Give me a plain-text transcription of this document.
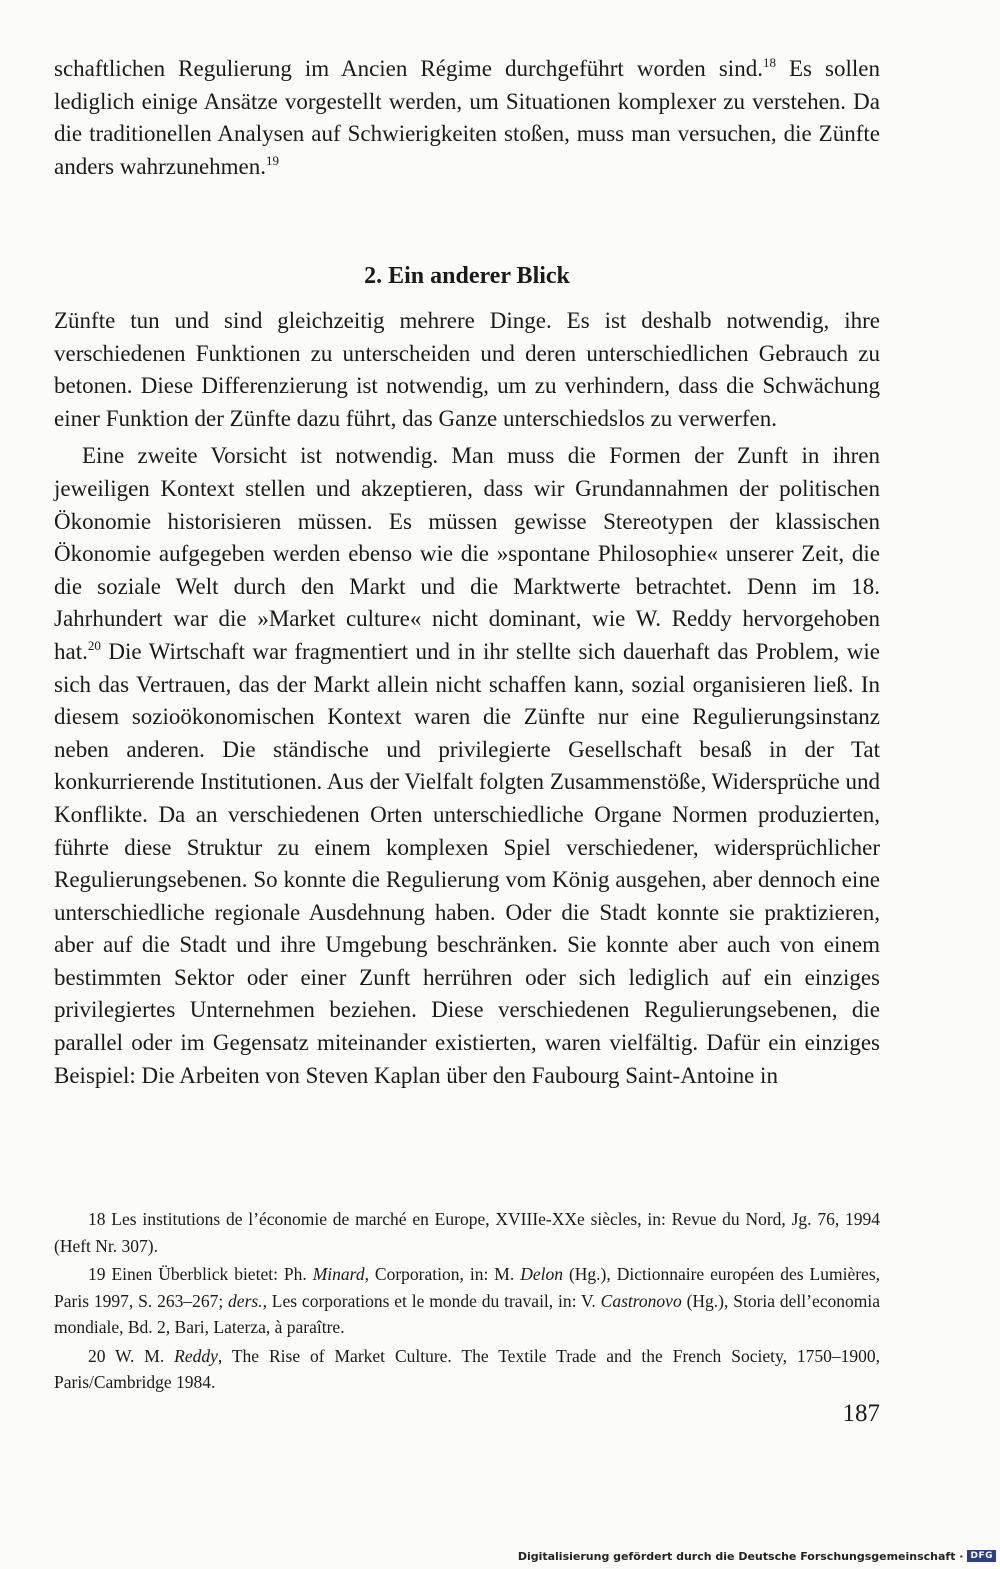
schaftlichen Regulierung im Ancien Régime durchgeführt worden sind.$^{18}$ Es sollen lediglich einige Ansätze vorgestellt werden, um Situationen komplexer zu verstehen. Da die traditionellen Analysen auf Schwierigkeiten stoßen, muss man versuchen, die Zünfte anders wahrzunehmen.$^{19}$

2. Ein anderer Blick

Zünfte tun und sind gleichzeitig mehrere Dinge. Es ist deshalb notwendig, ihre verschiedenen Funktionen zu unterscheiden und deren unterschiedlichen Gebrauch zu betonen. Diese Differenzierung ist notwendig, um zu verhindern, dass die Schwächung einer Funktion der Zünfte dazu führt, das Ganze unterschiedslos zu verwerfen.

Eine zweite Vorsicht ist notwendig. Man muss die Formen der Zunft in ihren jeweiligen Kontext stellen und akzeptieren, dass wir Grundannahmen der politischen Ökonomie historisieren müssen. Es müssen gewisse Stereotypen der klassischen Ökonomie aufgegeben werden ebenso wie die »spontane Philosophie« unserer Zeit, die die soziale Welt durch den Markt und die Marktwerte betrachtet. Denn im 18. Jahrhundert war die »Market culture« nicht dominant, wie W. Reddy hervorgehoben hat.$^{20}$ Die Wirtschaft war fragmentiert und in ihr stellte sich dauerhaft das Problem, wie sich das Vertrauen, das der Markt allein nicht schaffen kann, sozial organisieren ließ. In diesem sozioökonomischen Kontext waren die Zünfte nur eine Regulierungsinstanz neben anderen. Die ständische und privilegierte Gesellschaft besaß in der Tat konkurrierende Institutionen. Aus der Vielfalt folgten Zusammenstöße, Widersprüche und Konflikte. Da an verschiedenen Orten unterschiedliche Organe Normen produzierten, führte diese Struktur zu einem komplexen Spiel verschiedener, widersprüchlicher Regulierungsebenen. So konnte die Regulierung vom König ausgehen, aber dennoch eine unterschiedliche regionale Ausdehnung haben. Oder die Stadt konnte sie praktizieren, aber auf die Stadt und ihre Umgebung beschränken. Sie konnte aber auch von einem bestimmten Sektor oder einer Zunft herrühren oder sich lediglich auf ein einziges privilegiertes Unternehmen beziehen. Diese verschiedenen Regulierungsebenen, die parallel oder im Gegensatz miteinander existierten, waren vielfältig. Dafür ein einziges Beispiel: Die Arbeiten von Steven Kaplan über den Faubourg Saint-Antoine in

18 Les institutions de l’économie de marché en Europe, XVIIIe-XXe siècles, in: Revue du Nord, Jg. 76, 1994 (Heft Nr. 307).

19 Einen Überblick bietet: Ph. Minard, Corporation, in: M. Delon (Hg.), Dictionnaire européen des Lumières, Paris 1997, S. 263–267; ders., Les corporations et le monde du travail, in: V. Castronovo (Hg.), Storia dell’economia mondiale, Bd. 2, Bari, Laterza, à paraître.

20 W. M. Reddy, The Rise of Market Culture. The Textile Trade and the French Society, 1750–1900, Paris/Cambridge 1984.

187
Digitalisierung gefördert durch die Deutsche Forschungsgemeinschaft · DFG
